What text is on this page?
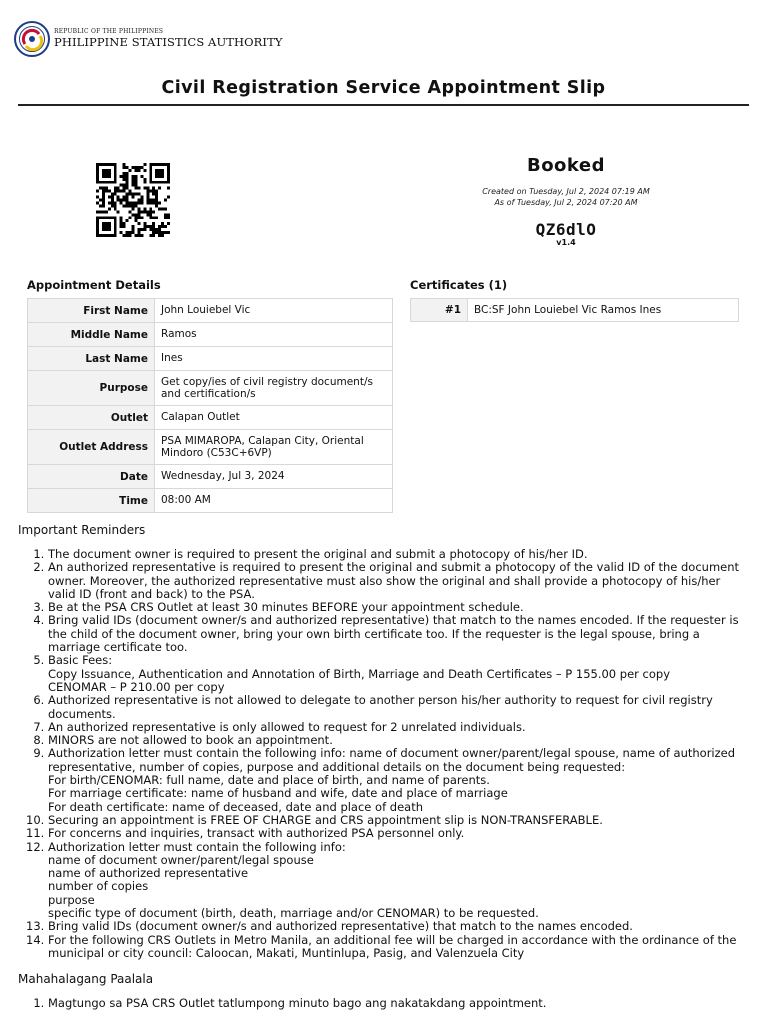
REPUBLIC OF THE PHILIPPINES
PHILIPPINE STATISTICS AUTHORITY
Civil Registration Service Appointment Slip
Booked
Created on Tuesday, Jul 2, 2024 07:19 AM
As of Tuesday, Jul 2, 2024 07:20 AM
QZ6dlO
v1.4
Appointment Details
First Name	John Louiebel Vic
Middle Name	Ramos
Last Name	Ines
Purpose	Get copy/ies of civil registry document/s and certification/s
Outlet	Calapan Outlet
Outlet Address	PSA MIMAROPA, Calapan City, Oriental Mindoro (C53C+6VP)
Date	Wednesday, Jul 3, 2024
Time	08:00 AM
Certificates (1)
#1	BC:SF John Louiebel Vic Ramos Ines
Important Reminders
1. The document owner is required to present the original and submit a photocopy of his/her ID.
2. An authorized representative is required to present the original and submit a photocopy of the valid ID of the document owner. Moreover, the authorized representative must also show the original and shall provide a photocopy of his/her valid ID (front and back) to the PSA.
3. Be at the PSA CRS Outlet at least 30 minutes BEFORE your appointment schedule.
4. Bring valid IDs (document owner/s and authorized representative) that match to the names encoded. If the requester is the child of the document owner, bring your own birth certificate too. If the requester is the legal spouse, bring a marriage certificate too.
5. Basic Fees:
Copy Issuance, Authentication and Annotation of Birth, Marriage and Death Certificates – P 155.00 per copy
CENOMAR – P 210.00 per copy
6. Authorized representative is not allowed to delegate to another person his/her authority to request for civil registry documents.
7. An authorized representative is only allowed to request for 2 unrelated individuals.
8. MINORS are not allowed to book an appointment.
9. Authorization letter must contain the following info: name of document owner/parent/legal spouse, name of authorized representative, number of copies, purpose and additional details on the document being requested:
For birth/CENOMAR: full name, date and place of birth, and name of parents.
For marriage certificate: name of husband and wife, date and place of marriage
For death certificate: name of deceased, date and place of death
10. Securing an appointment is FREE OF CHARGE and CRS appointment slip is NON-TRANSFERABLE.
11. For concerns and inquiries, transact with authorized PSA personnel only.
12. Authorization letter must contain the following info:
name of document owner/parent/legal spouse
name of authorized representative
number of copies
purpose
specific type of document (birth, death, marriage and/or CENOMAR) to be requested.
13. Bring valid IDs (document owner/s and authorized representative) that match to the names encoded.
14. For the following CRS Outlets in Metro Manila, an additional fee will be charged in accordance with the ordinance of the municipal or city council: Caloocan, Makati, Muntinlupa, Pasig, and Valenzuela City
Mahahalagang Paalala
1. Magtungo sa PSA CRS Outlet tatlumpong minuto bago ang nakatakdang appointment.
